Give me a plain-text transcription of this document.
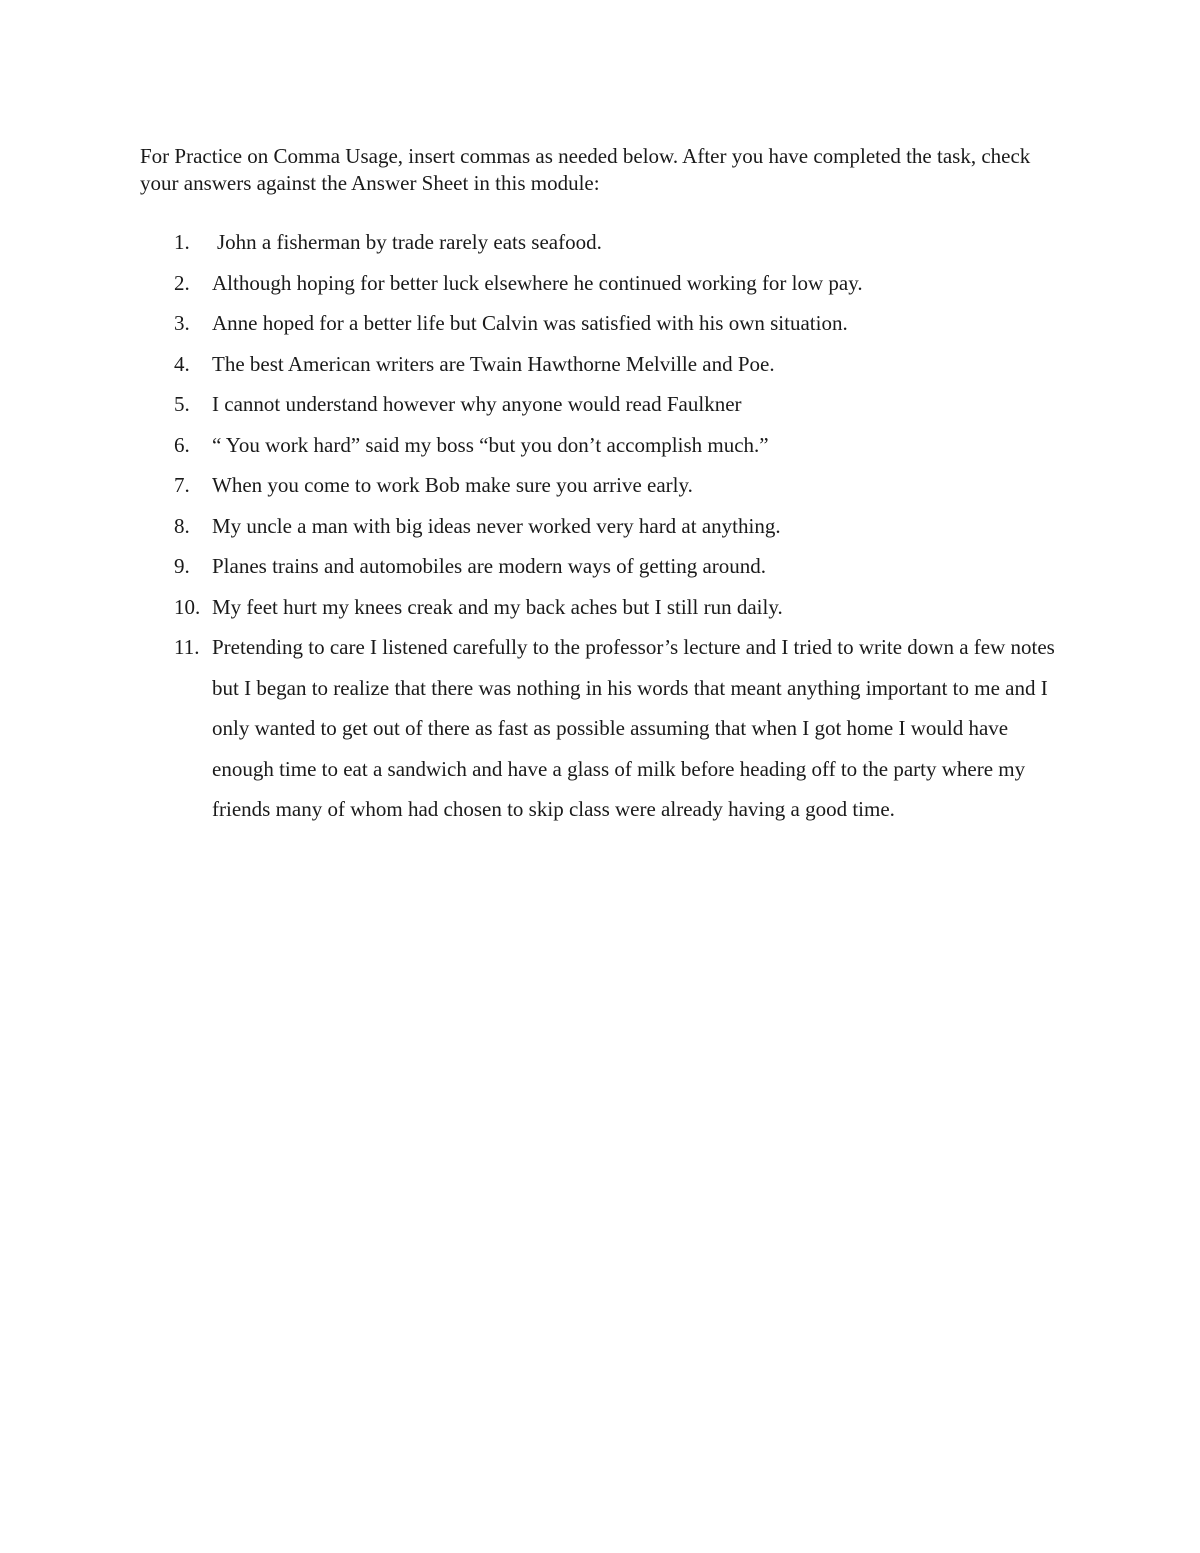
For Practice on Comma Usage, insert commas as needed below. After you have completed the task, check your answers against the Answer Sheet in this module:

1. John a fisherman by trade rarely eats seafood.
2. Although hoping for better luck elsewhere he continued working for low pay.
3. Anne hoped for a better life but Calvin was satisfied with his own situation.
4. The best American writers are Twain Hawthorne Melville and Poe.
5. I cannot understand however why anyone would read Faulkner
6. “ You work hard” said my boss “but you don’t accomplish much.”
7. When you come to work Bob make sure you arrive early.
8. My uncle a man with big ideas never worked very hard at anything.
9. Planes trains and automobiles are modern ways of getting around.
10. My feet hurt my knees creak and my back aches but I still run daily.
11. Pretending to care I listened carefully to the professor’s lecture and I tried to write down a few notes but I began to realize that there was nothing in his words that meant anything important to me and I only wanted to get out of there as fast as possible assuming that when I got home I would have enough time to eat a sandwich and have a glass of milk before heading off to the party where my friends many of whom had chosen to skip class were already having a good time.
